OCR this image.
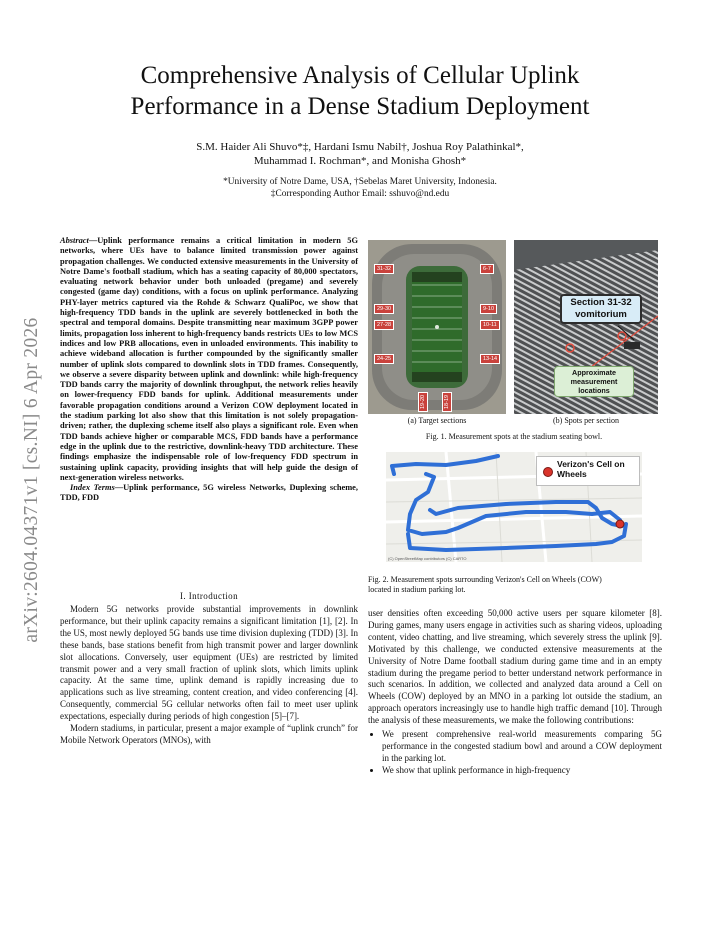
arXiv:2604.04371v1 [cs.NI] 6 Apr 2026
Comprehensive Analysis of Cellular Uplink
Performance in a Dense Stadium Deployment
S.M. Haider Ali Shuvo*‡, Hardani Ismu Nabil†, Joshua Roy Palathinkal*,
Muhammad I. Rochman*, and Monisha Ghosh*
*University of Notre Dame, USA, †Sebelas Maret University, Indonesia.
‡Corresponding Author Email: sshuvo@nd.edu
Abstract—Uplink performance remains a critical limitation in modern 5G networks, where UEs have to balance limited transmission power against propagation challenges. We conducted extensive measurements in the University of Notre Dame's football stadium, which has a seating capacity of 80,000 spectators, evaluating network behavior under both unloaded (pregame) and severely congested (game day) conditions, with a focus on uplink performance. Analyzing PHY-layer metrics captured via the Rohde & Schwarz QualiPoc, we show that high-frequency TDD bands in the uplink are severely bottlenecked in both the spectral and temporal domains. Despite transmitting near maximum 3GPP power limits, propagation loss inherent to high-frequency bands restricts UEs to low MCS indices and low PRB allocations, even in unloaded environments. This inability to achieve wideband allocation is further compounded by the significantly smaller number of uplink slots compared to downlink slots in TDD frames. Consequently, we observe a severe disparity between uplink and downlink: while high-frequency TDD bands carry the majority of downlink throughput, the network relies heavily on lower-frequency FDD bands for uplink. Additional measurements under favorable propagation conditions around a Verizon COW deployment located in the stadium parking lot also show that this limitation is not solely propagation-driven; rather, the duplexing scheme itself also plays a significant role. Even when TDD bands achieve higher or comparable MCS, FDD bands have a performance edge in the uplink due to the restrictive, downlink-heavy TDD architecture. These findings emphasize the indispensable role of low-frequency FDD spectrum in sustaining uplink capacity, providing insights that will help guide the design of next-generation wireless networks.
Index Terms—Uplink performance, 5G wireless Networks, Duplexing scheme, TDD, FDD
I. Introduction

Modern 5G networks provide substantial improvements in downlink performance, but their uplink capacity remains a significant limitation [1], [2]. In the US, most newly deployed 5G bands use time division duplexing (TDD) [3]. In these bands, base stations benefit from high transmit power and larger downlink slot allocations. Conversely, user equipment (UEs) are restricted by limited transmit power and a very small fraction of uplink slots, which limits uplink capacity. At the same time, uplink demand is rapidly increasing due to applications such as live streaming, content creation, and video conferencing [4]. Consequently, commercial 5G cellular networks often fail to meet user uplink expectations, especially during periods of high congestion [5]–[7].

Modern stadiums, in particular, present a major example of “uplink crunch” for Mobile Network Operators (MNOs), with

31-32
29-30
27-28
24-25
6-7
9-10
10-11
13-14
19-20	18-19
Section 31-32 vomitorium
Approximate measurement locations
(a) Target sections	(b) Spots per section
Fig. 1. Measurement spots at the stadium seating bowl.
Verizon's Cell on Wheels
(C) OpenStreetMap contributors (C) CARTO
Fig. 2. Measurement spots surrounding Verizon's Cell on Wheels (COW)
located in stadium parking lot.

user densities often exceeding 50,000 active users per square kilometer [8]. During games, many users engage in activities such as sharing videos, uploading content, video chatting, and live streaming, which severely stress the uplink [9]. Motivated by this challenge, we conducted extensive measurements at the University of Notre Dame football stadium during game time and in an empty stadium during the pregame period to better understand network performance in such scenarios. In addition, we collected and analyzed data around a Cell on Wheels (COW) deployed by an MNO in a parking lot outside the stadium, an approach operators increasingly use to handle high traffic demand [10]. Through the analysis of these measurements, we make the following contributions:

• We present comprehensive real-world measurements comparing 5G performance in the congested stadium bowl and around a COW deployment in the parking lot.
• We show that uplink performance in high-frequency
